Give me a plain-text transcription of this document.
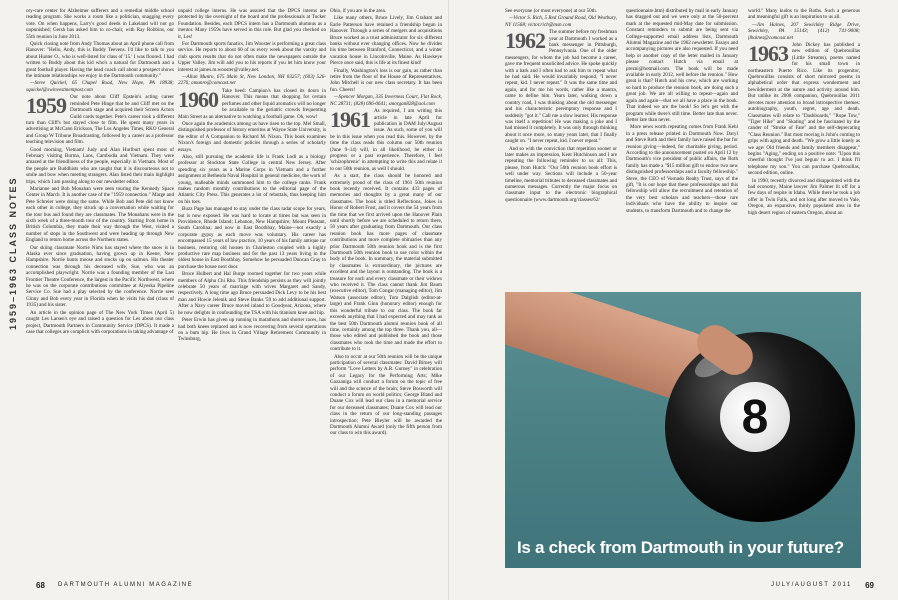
1959–1963 CLASS NOTES

ory-care center for Alzheimer sufferers and a remedial middle school reading program. She works a room like a politician, snagging every vote. On when happens, Larry's good deeds in Lakeland will not go unpunished; Gersh has asked him to co-chair, with Ray Robbins, our 55th reunion in June 2013.

Quick closing note from Andy Thomas about an April phone call from Hanover: "Hello, Andy, this is Buddy Teevens. I'd like to talk to you about Hunter O., who is well-listed for class of '15.' I was floored. I had written to Buddy about this kid who's a natural for Dartmouth and a great football player. Having the head coach call about a prospect shows the intimate relationships we enjoy in the Dartmouth community."

—Steve Quickel, 65 Chapel Road, New Hope, PA 18938; squickel@swinvestmentpost.com

1959 Our note about Cliff Epstein's acting career reminded Pete Hinge that he and Cliff met on the Dartmouth stage and acquired their Screen Actors Guild cards together. Pete's career took a different turn than Cliff's but stayed close to film. He spent many years in advertising at McCann Erickson, The Los Angeles Times, RKO General and Group W Tribune Broadcasting, followed by a career as a professor teaching television and film.

Good morning, Vietnam! Judy and Alan Hurlburt spent most of February visiting Burma, Laos, Cambodia and Vietnam. They were amazed at the friendliness of the people, especially in Vietnam. Most of the people are Buddhists who are taught that it is discourteous not to smile and bow when meeting strangers. Alan listed their main highlight trips, which I am passing along to our newsletter editor.

Marianne and Bob Monahan were seen touring the Kennedy Space Center in March. It is another case of the "1959 connection." Marge and Pete Schreier were doing the same. While Bob and Pete did not know each other in college, they struck up a conversation while waiting for the tour bus and found they are classmates. The Monahans were in the sixth week of a three-month tour of the country. Starting from home in British Columbia, they made their way through the West, visited a number of stops in the Southwest and were heading up through New England to return home across the Northern states.

Our skiing classmate Norrie Nims has stayed where the snow is in Alaska ever since graduation, having grown up in Keene, New Hampshire. Norrie hunts moose and stocks up on salmon. His theater connection was through his deceased wife, Sue, who was an accomplished playwright. Norrie was a founding member of the Last Frontier Theatre Conference, the largest in the Pacific Northwest, where he was on the corporate contributions committee at Alyeska Pipeline Service Co. Sue had a play selected by the conference. Norrie sees Ginny and Bob every year in Florida when he visits his dad (class of 1935) and his sister.

An article in the opinion page of The New York Times (April 5) caught Les Larsen's eye and raised a question for Les about our class project, Dartmouth Partners in Community Service (DPCS). It made a case that colleges are complicit with corporations in taking advantage of

unpaid college interns. He was assured that the DPCS interns are protected by the oversight of the board and the professionals at Tucker Foundation. Besides, each DPCS intern has a Dartmouth alumnus as a mentor. Many 1959s have served in this role. But glad you checked on it, Les!

For Dartmouth sports fanatics, Jim Wooster is performing a great class service. He reports to about 60 of us every week about the varsity and club sports results that do not often make the newspapers outside the Upper Valley. Jim will add you to his reports if you let him know your interest at james.m.wooster@valley.net.

—Allan Munro, 675 Main St, New London, NH 03257; (603) 526-2276; amunro@comcast.net

1960 Take heed: Campion's has closed its doors in Hanover. This means that shopping for certain perfumes and other liquid aromatics will no longer be available to the geriatric crowds frequenting Main Street as an alternative to watching a football game. Oh, wow!

Once again the academics among us have risen to the top. Mel Small, distinguished professor of history emeritus at Wayne State University, is the editor of A Companion to Richard M. Nixon. This book examines Nixon's foreign and domestic policies through a series of scholarly essays.

Also, still pursuing the academic life is Frank Lodi as a biology professor at Stockton State College in central New Jersey. After spending six years as a Marine Corps in Vietnam and a further assignment at Bethesda Naval Hospital in general medicine, the work of young, malleable minds summoned him to the college ranks. Frank makes random monthly contributions to the editorial page of the Atlantic City Press. This generates a lot of rebuttals, thus keeping him on his toes.

Buzz Page has managed to stay under the class radar scope for years, but is now exposed. He was hard to locate at times but was seen in Providence, Rhode Island; Lebanon, New Hampshire; Mount Pleasant, South Carolina; and now in East Boothbay, Maine—not exactly a corporate gypsy as each move was voluntary. His career has encompassed 15 years of law practice, 10 years of his family antique car business, restoring old houses in Charleston coupled with a highly productive rare map business and for the past 13 years living in the oldest house in East Boothbay. Somehow he persuaded Duncan Gray to purchase the house next door.

Bruce Hulbert and Hal Burge roomed together for two years while members of Alpha Chi Rho. This friendship persists as they will jointly celebrate 50 years of marriage with wives Margaret and Sandy, respectively. A long time ago Bruce persuaded Dick Levy to be his best man and Howie Jelenik and Steve Banks '59 to add additional support. After a Navy career Bruce moved inland to Goodyear, Arizona, where he now delights in confounding the TSA with his titanium knee and hip.

Peter Erwin has given up running in marathons and shorter races, has had both knees replaced and is now recovering from several operations on a bum hip. He lives in Grand Village Retirement Community in Twinsburg,

Ohio, if you are in the area.

Like many others, Bruce Lively, Jim Graham and Earle Patterson have retained a friendship begun in Hanover. Through a series of mergers and acquisitions Bruce worked as a trust administrator for six different banks without ever changing offices. Now he divides his time between Branford, Connecticut, and a winter vacation house in Lincolnville, Maine. As Hawkeye Pierce once said, this is life at its finest kind!

Finally, Washington's loss is our gain, as rather than retire from the floor of the House of Representatives, John Mitchell is our new class secretary. It has been fun. Cheers!

—Spencer Morgan, 335 Inverness Court, Flat Rock, NC 28731; (828) 696-0641; smorgan828@aol.com

1961 As required, I am writing this article in late April for publication in DAM July/August issue. As such, some of you will be in this issue when you read this. However, by the time the class reads this column our 50th reunion (June 9–14) will, in all likelihood, be either in progress or a past experience. Therefore, I feel 'schizophrenic' in attempting to write this and relate it to our 50th reunion, as well I should.

As a start, the class should be honored and extremely proud of the class of 1961 50th reunion book recently received. It contains 433 pages of memories and thoughts by a great many of our classmates. The book is titled Reflections, Jokes in Honor of Robert Frost, and it covers the 54 years from the time that we first arrived upon the Hanover Plain until shortly before we are scheduled to return there, 50 years after graduating from Dartmouth. Our class reunion book has more pages of classmate contributions and more complete obituaries than any prior Dartmouth 50th reunion book and is the first Dartmouth 50th reunion book to use color within the body of the book. In summary, the material submitted by classmates is extraordinary, the pictures are excellent and the layout is outstanding. The book is a treasure for each and every classmate or their widows who received it. The class cannot thank Jim Baum (executive editor), Tom Congar (managing editor), Jim Watson (associate editor), Tom Dalglish (editor-at-large) and Frank Ginn (honorary editor) enough for this wonderful tribute to our class. The book far exceeds anything that I had expected and may rank as the best 50th Dartmouth alumni reunion book of all time, certainly among the top three. Thank you, all—those who edited and published the book and those classmates who took the time and made the effort to contribute to it.

Also to occur at our 50th reunion will be the unique participation of several classmates: David Birney will perform "Love Letters by A.R. Gurney" in celebration of our Legacy for the Performing Arts; Mike Gazzaniga will conduct a forum on the topic of free will and the science of the brain; Steve Bosworth will conduct a forum on world politics; George Bland and Duane Cox will lead our class in a memorial service for our deceased classmates; Duane Cox will lead our class in the return of our long-standing passages introspection; Pete Bleyler will be awarded the Dartmouth Alumni Award (only the fifth person from our class to win this award).

See everyone (or most everyone) at our 50th.

—Victor S. Rich, 5 Red Ground Road, Old Westbury, NY 11568; victor.rich@msn.com

1962 The summer before my freshman year at Dartmouth I worked as a bank messenger in Pittsburgh, Pennsylvania. One of the older messengers, for whom the job had become a career, gave me frequent unsolicited advice. He spoke quickly with a bark and I often had to ask him to repeat what he had said. He would invariably respond, "I never repeat, kid. I never repeat." It was the same time and again, and for me his words, rather like a mantra, came to define him. Years later, walking down a country road, I was thinking about the old messenger and his characteristic peremptory response and I suddenly "got it." Call me a slow learner. His response was itself a repetition! He was making a joke and I had missed it completely. It was only through thinking about it once more, so many years later, that I finally caught on. "I never repeat, kid. I never repeat."

And so with the conviction that repetition sooner or later makes an impression, Kent Hutchinson and I are repeating the following reminder to us all: This, please, from Hutch: "Our 50th reunion book effort is well under way. Sections will include a 50-year timeline, memorial tributes to deceased classmates and numerous messages. Currently the major focus on classmate input to the electronic biographical questionnaire (www.dartmouth.org/classes/62/

questionnaire.htm) distributed by mail in early January has dragged out and we were only at the 50-percent mark at the requested mid-May date for submission. Constant reminders to submit are being sent via College-supported email address lists, Dartmouth Alumni Magazine and the 1962 newsletter. Essays and accompanying pictures are also requested. If you need help or another copy of the letter mailed in January please contact Hutch via email at prezni@hotmail.com. The book will be made available in early 2012, well before the reunion." How great is that? Hutch and his crew, which are working so hard to produce the reunion book, are doing such a great job. We are all willing to repeat—again and again and again—that we all have a place in the book. That indeed we are the book! So let's get with the program while there's still time. Better late than never. Better late than never.

More news worth repeating comes from Frank Kehl in a press release printed in Dartmouth Now. Daryl and Steve Roth and their family have raised the bar for reunion giving—indeed, for charitable giving, period. According to the announcement posted on April 12 by Dartmouth's vice president of public affairs, the Roth family has made a "$15 million gift to endow two new distinguished professorships and a faculty fellowship." Steve, the CEO of Vornado Realty Trust, says of the gift, "It is our hope that these professorships and this fellowship will allow the recruitment and retention of the very best scholars and teachers—those rare individuals who have the ability to inspire our students, to transform Dartmouth and to change the

world." Many kudos to the Roths. Such a generous and meaningful gift is an inspiration to us all.

—Jim Haines, 207 Sewickley Ridge Drive, Sewickley, PA 15143; (412) 741-9008; jlhaines@comcast.net

1963 John Dickey has published a new edition of Quebrouillas (Little Streams), poems named for his small town in northeastern Puerto Rico. Like its progenitor, Quebrouillas consists of short mirrored poems in alphabetical order that express wonderment and bewilderment at the nature and activity around him. But unlike its 2008 companion, Quebrouillas 2011 devotes more attention to broad introspective themes: autobiography, youth, regret, age and death. Classmates will relate to "Dashboards," "Rope Tow," "Tiger Hike" and "Skating" and be fascinated by the cander of "Stroke of Fate" and the self-deprecating "Class Reunion." But most moving is John's coming to grips with aging and death. "We grow a little lonely as we age/ Old friends and family members disappear," begins "Aging," ending on a positive note: "Upon this cheerful thought I've just begun/ to act. I think I'll telephone my son." You can purchase Quebrouillas, second edition, online.

In 1990, recently divorced and disappointed with the bad economy, Maine lawyer Jim Palmer lit off for a few days of respite in Idaho. While there he took a job offer in Twin Falls, and not long after moved to Vale, Oregon, an expansive, thinly populated area in the high desert region of eastern Oregon, about an

8
Is a check from Dartmouth in your future?
68 DARTMOUTH ALUMNI MAGAZINE	JULY/AUGUST 2011 69
